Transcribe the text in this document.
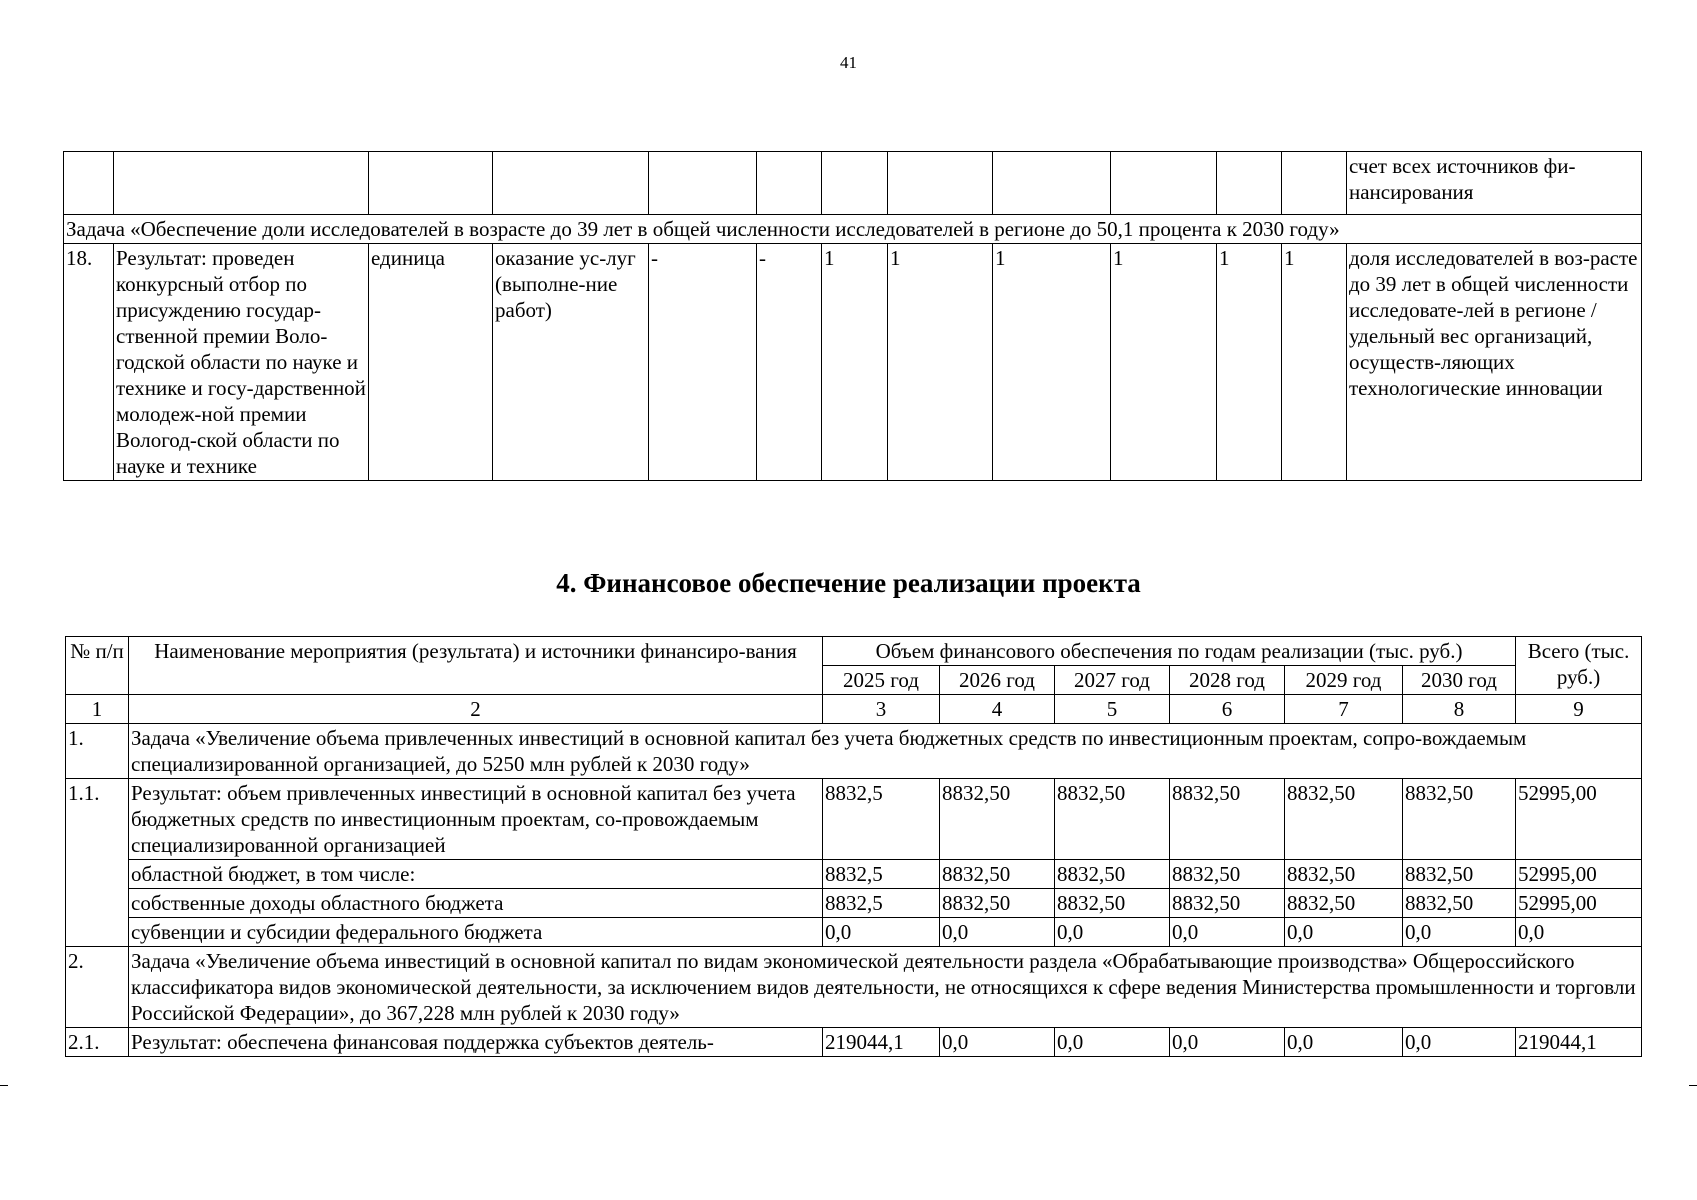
41
												счет всех источников фи-нансирования
Задача «Обеспечение доли исследователей в возрасте до 39 лет в общей численности исследователей в регионе до 50,1 процента к 2030 году»												
18.	Результат: проведен конкурсный отбор по присуждению государ-ственной премии Воло-годской области по науке и технике и госу-дарственной молодеж-ной премии Вологод-ской области по науке и технике	единица	оказание ус-луг (выполне-ние работ)	-	-	1	1	1	1	1	1	доля исследователей в воз-расте до 39 лет в общей численности исследовате-лей в регионе / удельный вес организаций, осуществ-ляющих технологические инновации
4. Финансовое обеспечение реализации проекта
№ п/п	Наименование мероприятия (результата) и источники финансиро-вания	Объем финансового обеспечения по годам реализации (тыс. руб.)						Всего (тыс. руб.)
		2025 год	2026 год	2027 год	2028 год	2029 год	2030 год	
1	2	3	4	5	6	7	8	9
1.	Задача «Увеличение объема привлеченных инвестиций в основной капитал без учета бюджетных средств по инвестиционным проектам, сопро-вождаемым специализированной организацией, до 5250 млн рублей к 2030 году»							
1.1.	Результат: объем привлеченных инвестиций в основной капитал без учета бюджетных средств по инвестиционным проектам, со-провождаемым специализированной организацией	8832,5	8832,50	8832,50	8832,50	8832,50	8832,50	52995,00
	областной бюджет, в том числе:	8832,5	8832,50	8832,50	8832,50	8832,50	8832,50	52995,00
	собственные доходы областного бюджета	8832,5	8832,50	8832,50	8832,50	8832,50	8832,50	52995,00
	субвенции и субсидии федерального бюджета	0,0	0,0	0,0	0,0	0,0	0,0	0,0
2.	Задача «Увеличение объема инвестиций в основной капитал по видам экономической деятельности раздела «Обрабатывающие производства» Общероссийского классификатора видов экономической деятельности, за исключением видов деятельности, не относящихся к сфере ведения Министерства промышленности и торговли Российской Федерации», до 367,228 млн рублей к 2030 году»							
2.1.	Результат: обеспечена финансовая поддержка субъектов деятель-	219044,1	0,0	0,0	0,0	0,0	0,0	219044,1
